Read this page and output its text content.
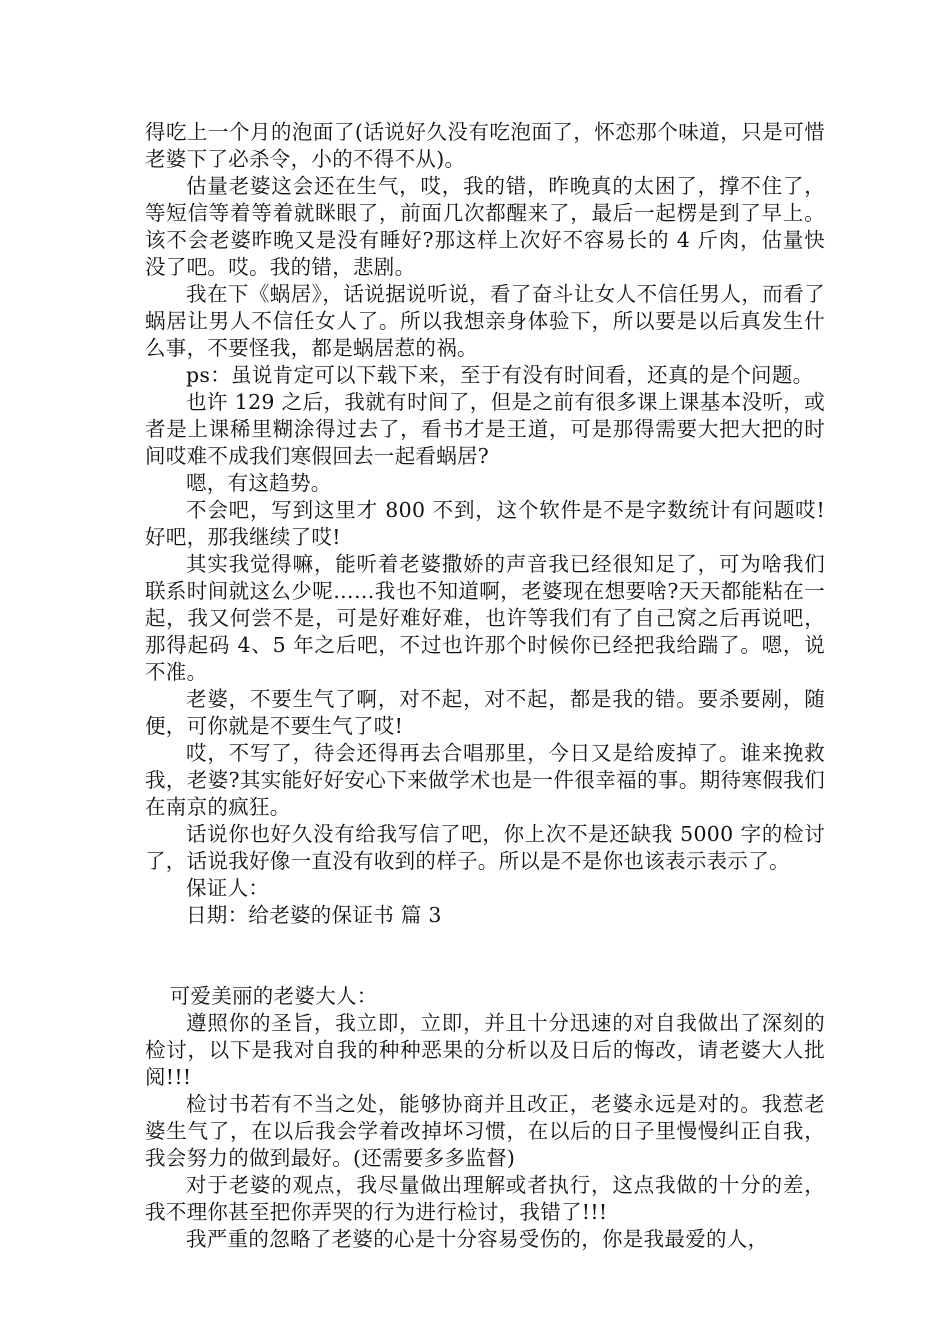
得吃上一个月的泡面了(话说好久没有吃泡面了，怀恋那个味道，只是可惜老婆下了必杀令，小的不得不从)。

估量老婆这会还在生气，哎，我的错，昨晚真的太困了，撑不住了，等短信等着等着就眯眼了，前面几次都醒来了，最后一起楞是到了早上。该不会老婆昨晚又是没有睡好?那这样上次好不容易长的 4 斤肉，估量快没了吧。哎。我的错，悲剧。

我在下《蜗居》，话说据说听说，看了奋斗让女人不信任男人，而看了蜗居让男人不信任女人了。所以我想亲身体验下，所以要是以后真发生什么事，不要怪我，都是蜗居惹的祸。

ps：虽说肯定可以下载下来，至于有没有时间看，还真的是个问题。

也许 129 之后，我就有时间了，但是之前有很多课上课基本没听，或者是上课稀里糊涂得过去了，看书才是王道，可是那得需要大把大把的时间哎难不成我们寒假回去一起看蜗居?

嗯，有这趋势。

不会吧，写到这里才 800 不到，这个软件是不是字数统计有问题哎!好吧，那我继续了哎!

其实我觉得嘛，能听着老婆撒娇的声音我已经很知足了，可为啥我们联系时间就这么少呢……我也不知道啊，老婆现在想要啥?天天都能粘在一起，我又何尝不是，可是好难好难，也许等我们有了自己窝之后再说吧，那得起码 4、5 年之后吧，不过也许那个时候你已经把我给踹了。嗯，说不准。

老婆，不要生气了啊，对不起，对不起，都是我的错。要杀要剐，随便，可你就是不要生气了哎!

哎，不写了，待会还得再去合唱那里，今日又是给废掉了。谁来挽救我，老婆?其实能好好安心下来做学术也是一件很幸福的事。期待寒假我们在南京的疯狂。

话说你也好久没有给我写信了吧，你上次不是还缺我 5000 字的检讨了，话说我好像一直没有收到的样子。所以是不是你也该表示表示了。

保证人：

日期：给老婆的保证书 篇 3

可爱美丽的老婆大人：

遵照你的圣旨，我立即，立即，并且十分迅速的对自我做出了深刻的检讨，以下是我对自我的种种恶果的分析以及日后的悔改，请老婆大人批阅!!!

检讨书若有不当之处，能够协商并且改正，老婆永远是对的。我惹老婆生气了，在以后我会学着改掉坏习惯，在以后的日子里慢慢纠正自我，我会努力的做到最好。(还需要多多监督)

对于老婆的观点，我尽量做出理解或者执行，这点我做的十分的差，我不理你甚至把你弄哭的行为进行检讨，我错了!!!

我严重的忽略了老婆的心是十分容易受伤的，你是我最爱的人，
